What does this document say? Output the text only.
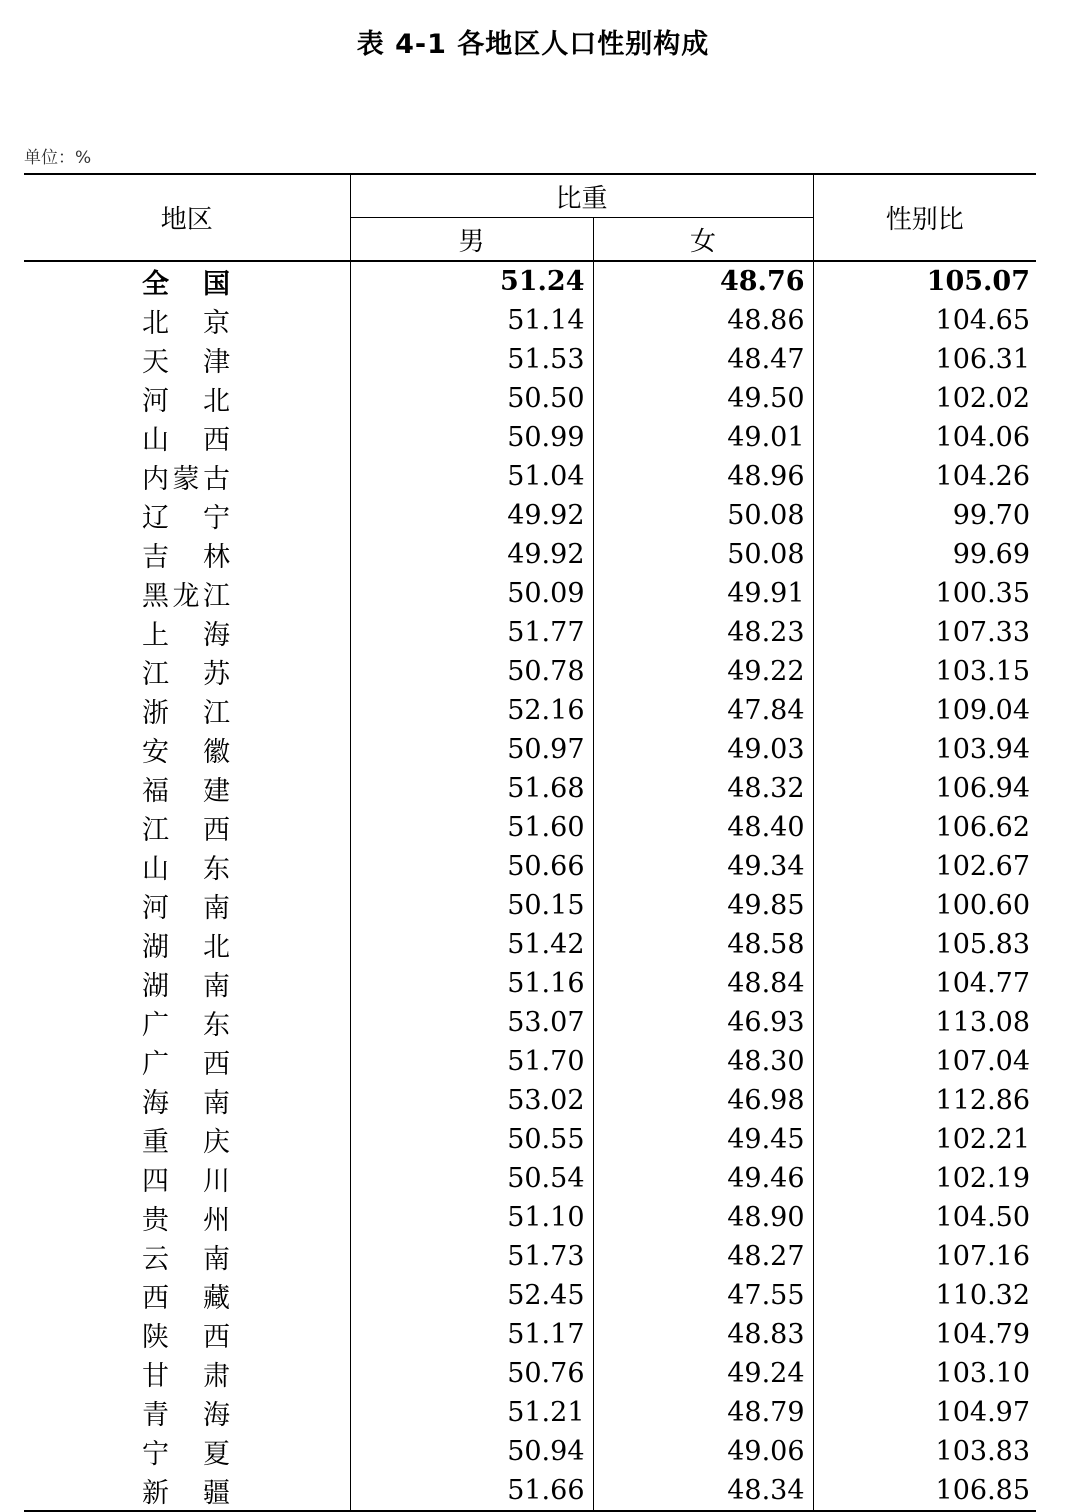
表 4-1 各地区人口性别构成
单位：%
地区	比重		性别比
	男	女	
全国	51.24	48.76	105.07
北京	51.14	48.86	104.65
天津	51.53	48.47	106.31
河北	50.50	49.50	102.02
山西	50.99	49.01	104.06
内蒙古	51.04	48.96	104.26
辽宁	49.92	50.08	99.70
吉林	49.92	50.08	99.69
黑龙江	50.09	49.91	100.35
上海	51.77	48.23	107.33
江苏	50.78	49.22	103.15
浙江	52.16	47.84	109.04
安徽	50.97	49.03	103.94
福建	51.68	48.32	106.94
江西	51.60	48.40	106.62
山东	50.66	49.34	102.67
河南	50.15	49.85	100.60
湖北	51.42	48.58	105.83
湖南	51.16	48.84	104.77
广东	53.07	46.93	113.08
广西	51.70	48.30	107.04
海南	53.02	46.98	112.86
重庆	50.55	49.45	102.21
四川	50.54	49.46	102.19
贵州	51.10	48.90	104.50
云南	51.73	48.27	107.16
西藏	52.45	47.55	110.32
陕西	51.17	48.83	104.79
甘肃	50.76	49.24	103.10
青海	51.21	48.79	104.97
宁夏	50.94	49.06	103.83
新疆	51.66	48.34	106.85
